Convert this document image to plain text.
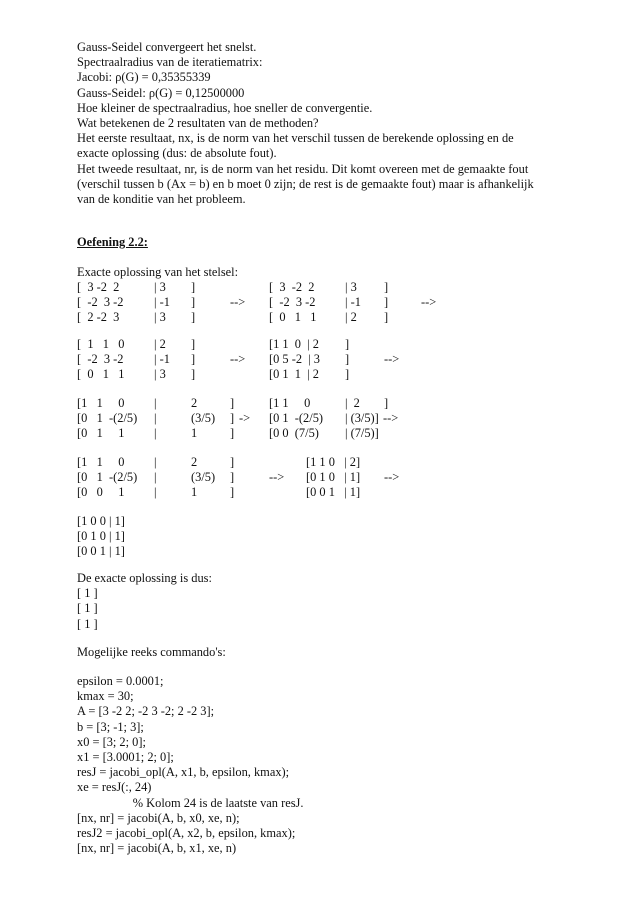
Gauss-Seidel convergeert het snelst.
Spectraalradius van de iteratiematrix:
Jacobi: ρ(G) = 0,35355339
Gauss-Seidel: ρ(G) = 0,12500000
Hoe kleiner de spectraalradius, hoe sneller de convergentie.
Wat betekenen de 2 resultaten van de methoden?
Het eerste resultaat, nx, is de norm van het verschil tussen de berekende oplossing en de
exacte oplossing (dus: de absolute fout).
Het tweede resultaat, nr, is de norm van het residu. Dit komt overeen met de gemaakte fout
(verschil tussen b (Ax = b) en b moet 0 zijn; de rest is de gemaakte fout) maar is afhankelijk
van de konditie van het probleem.
Oefening 2.2:
Exacte oplossing van het stelsel:
[  3 -2  2	| 3 ]
[  -2  3 -2 | -1 ]
[  2 -2  3	| 3 ]
-->
[  3  -2  2 | 3 ]
[  -2  3 -2 | -1 ]
[  0   1   1 | 2 ]
-->
[  1   1   0 | 2 ]
[  -2  3 -2 | -1 ]
[  0   1   1 | 3 ]
-->
[1 1  0  | 2 ]
[0 5 -2  | 3 ]
[0 1  1  | 2 ]
-->
[1   1     0 |	2	]
[0   1  -(2/5) |	(3/5) ]
[0   1     1 |	1	]
->
[1 1     0	|  2 ]
[0 1  -(2/5) | (3/5)]
[0 0  (7/5) | (7/5)]
-->
[1   1     0 |	2	]
[0   1  -(2/5) |	(3/5) ]
[0   0     1 |	1	]
-->
[1 1 0   | 2]
[0 1 0   | 1]
[0 0 1   | 1]
-->
[1 0 0 | 1]
[0 1 0 | 1]
[0 0 1 | 1]
De exacte oplossing is dus:
[ 1 ]
[ 1 ]
[ 1 ]
Mogelijke reeks commando's:
epsilon = 0.0001;
kmax = 30;
A = [3 -2 2; -2 3 -2; 2 -2 3];
b = [3; -1; 3];
x0 = [3; 2; 0];
x1 = [3.0001; 2; 0];
resJ = jacobi_opl(A, x1, b, epsilon, kmax);
xe = resJ(:, 24)
% Kolom 24 is de laatste van resJ.
[nx, nr] = jacobi(A, b, x0, xe, n);
resJ2 = jacobi_opl(A, x2, b, epsilon, kmax);
[nx, nr] = jacobi(A, b, x1, xe, n)
